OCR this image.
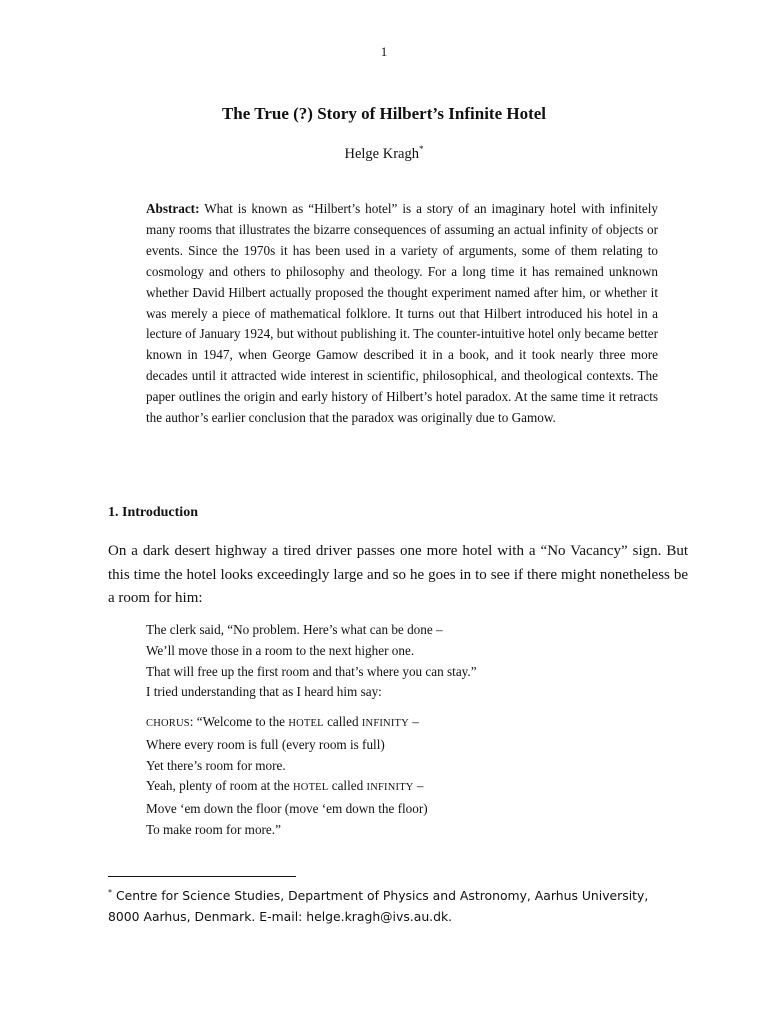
1
The True (?) Story of Hilbert’s Infinite Hotel
Helge Kragh*
Abstract: What is known as “Hilbert’s hotel” is a story of an imaginary hotel with infinitely many rooms that illustrates the bizarre consequences of assuming an actual infinity of objects or events. Since the 1970s it has been used in a variety of arguments, some of them relating to cosmology and others to philosophy and theology. For a long time it has remained unknown whether David Hilbert actually proposed the thought experiment named after him, or whether it was merely a piece of mathematical folklore. It turns out that Hilbert introduced his hotel in a lecture of January 1924, but without publishing it. The counter-intuitive hotel only became better known in 1947, when George Gamow described it in a book, and it took nearly three more decades until it attracted wide interest in scientific, philosophical, and theological contexts. The paper outlines the origin and early history of Hilbert’s hotel paradox. At the same time it retracts the author’s earlier conclusion that the paradox was originally due to Gamow.
1. Introduction
On a dark desert highway a tired driver passes one more hotel with a “No Vacancy” sign. But this time the hotel looks exceedingly large and so he goes in to see if there might nonetheless be a room for him:
The clerk said, “No problem. Here’s what can be done –
We’ll move those in a room to the next higher one.
That will free up the first room and that’s where you can stay.”
I tried understanding that as I heard him say:
CHORUS: “Welcome to the HOTEL called INFINITY –
Where every room is full (every room is full)
Yet there’s room for more.
Yeah, plenty of room at the HOTEL called INFINITY –
Move ‘em down the floor (move ‘em down the floor)
To make room for more.”
* Centre for Science Studies, Department of Physics and Astronomy, Aarhus University,
8000 Aarhus, Denmark. E-mail: helge.kragh@ivs.au.dk.
